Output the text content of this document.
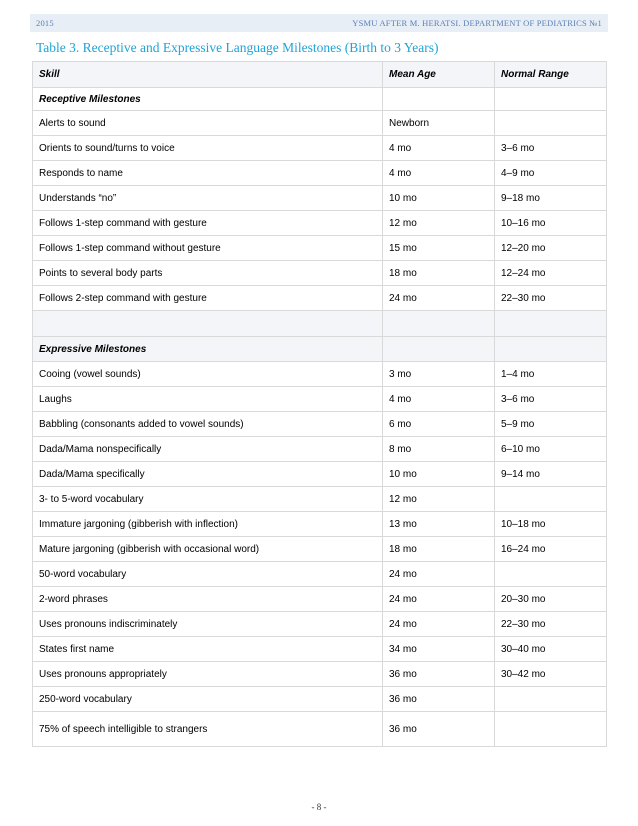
2015	YSMU AFTER M. HERATSI. DEPARTMENT OF PEDIATRICS №1
Table 3. Receptive and Expressive Language Milestones (Birth to 3 Years)
Skill	Mean Age	Normal Range
Receptive Milestones		
Alerts to sound	Newborn	
Orients to sound/turns to voice	4 mo	3–6 mo
Responds to name	4 mo	4–9 mo
Understands “no”	10 mo	9–18 mo
Follows 1-step command with gesture	12 mo	10–16 mo
Follows 1-step command without gesture	15 mo	12–20 mo
Points to several body parts	18 mo	12–24 mo
Follows 2-step command with gesture	24 mo	22–30 mo

Expressive Milestones		
Cooing (vowel sounds)	3 mo	1–4 mo
Laughs	4 mo	3–6 mo
Babbling (consonants added to vowel sounds)	6 mo	5–9 mo
Dada/Mama nonspecifically	8 mo	6–10 mo
Dada/Mama specifically	10 mo	9–14 mo
3- to 5-word vocabulary	12 mo	
Immature jargoning (gibberish with inflection)	13 mo	10–18 mo
Mature jargoning (gibberish with occasional word)	18 mo	16–24 mo
50-word vocabulary	24 mo	
2-word phrases	24 mo	20–30 mo
Uses pronouns indiscriminately	24 mo	22–30 mo
States first name	34 mo	30–40 mo
Uses pronouns appropriately	36 mo	30–42 mo
250-word vocabulary	36 mo	
75% of speech intelligible to strangers	36 mo	
- 8 -
